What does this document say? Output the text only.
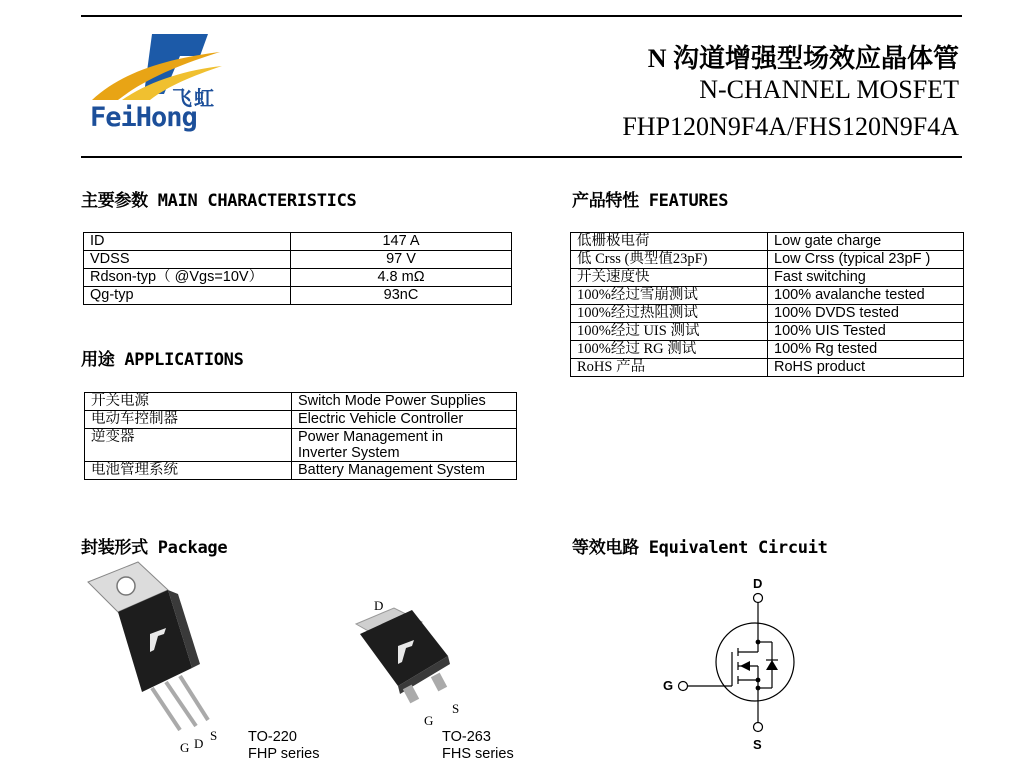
飞虹
FeiHong
N 沟道增强型场效应晶体管
N-CHANNEL MOSFET
FHP120N9F4A/FHS120N9F4A
主要参数 MAIN CHARACTERISTICS
ID	147 A
VDSS	97 V
Rdson-typ（ @Vgs=10V）	4.8 mΩ
Qg-typ	93nC
用途 APPLICATIONS
开关电源	Switch Mode Power Supplies
电动车控制器	Electric Vehicle Controller
逆变器	Power Management in
Inverter System

电池管理系统	Battery Management System
产品特性 FEATURES
低栅极电荷	Low gate charge
低 Crss (典型值23pF)	Low Crss (typical 23pF )
开关速度快	Fast switching
100%经过雪崩测试	100% avalanche tested
100%经过热阻测试	100% DVDS tested
100%经过 UIS 测试	100% UIS Tested
100%经过 RG 测试	100% Rg tested
RoHS 产品	RoHS product
封装形式 Package
G D
S TO-220
FHP series
D
G
S
TO-263
FHS series
等效电路 Equivalent Circuit
D
G
S
